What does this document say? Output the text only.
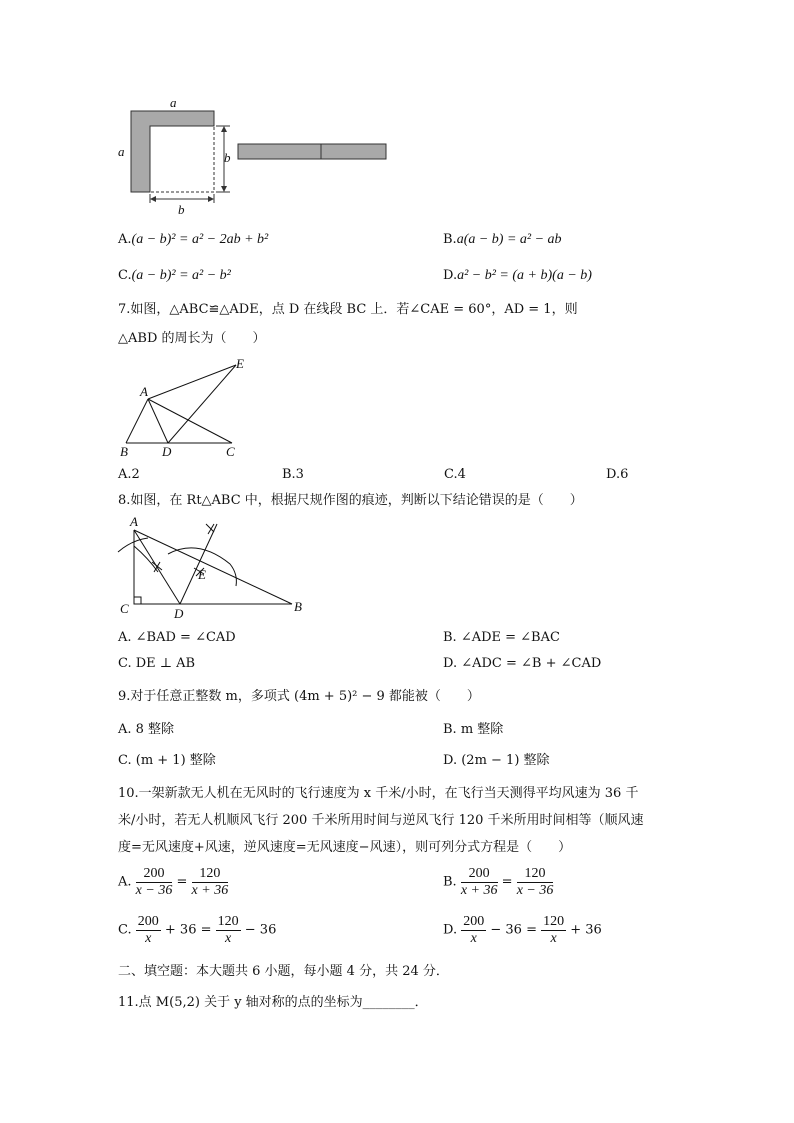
a
a	b
b
A.(a − b)² = a² − 2ab + b²	B.a(a − b) = a² − ab
C.(a − b)² = a² − b²	D.a² − b² = (a + b)(a − b)
7.如图，△ABC≌△ADE，点 D 在线段 BC 上．若∠CAE = 60°，AD = 1，则
△ABD 的周长为（　　）
A
B	D	C
E
A.2	B.3	C.4	D.6
8.如图，在 Rt△ABC 中，根据尺规作图的痕迹，判断以下结论错误的是（　　）
A
C	D
E
B
A. ∠BAD = ∠CAD	B. ∠ADE = ∠BAC
C. DE ⊥ AB	D. ∠ADC = ∠B + ∠CAD
9.对于任意正整数 m，多项式 (4m + 5)² − 9 都能被（　　）
A. 8 整除	B. m 整除
C. (m + 1) 整除	D. (2m − 1) 整除
10.一架新款无人机在无风时的飞行速度为 x 千米/小时，在飞行当天测得平均风速为 36 千
米/小时，若无人机顺风飞行 200 千米所用时间与逆风飞行 120 千米所用时间相等（顺风速
度=无风速度+风速，逆风速度=无风速度−风速），则可列分式方程是（　　）
A. $\frac{200}{x - 36} = \frac{120}{x + 36}$	B. $\frac{200}{x + 36} = \frac{120}{x - 36}$
C. $\frac{200}{x} + 36 = \frac{120}{x} - 36$	D. $\frac{200}{x} - 36 = \frac{120}{x} + 36$
二、填空题：本大题共 6 小题，每小题 4 分，共 24 分．
11.点 M(5,2) 关于 y 轴对称的点的坐标为________．
